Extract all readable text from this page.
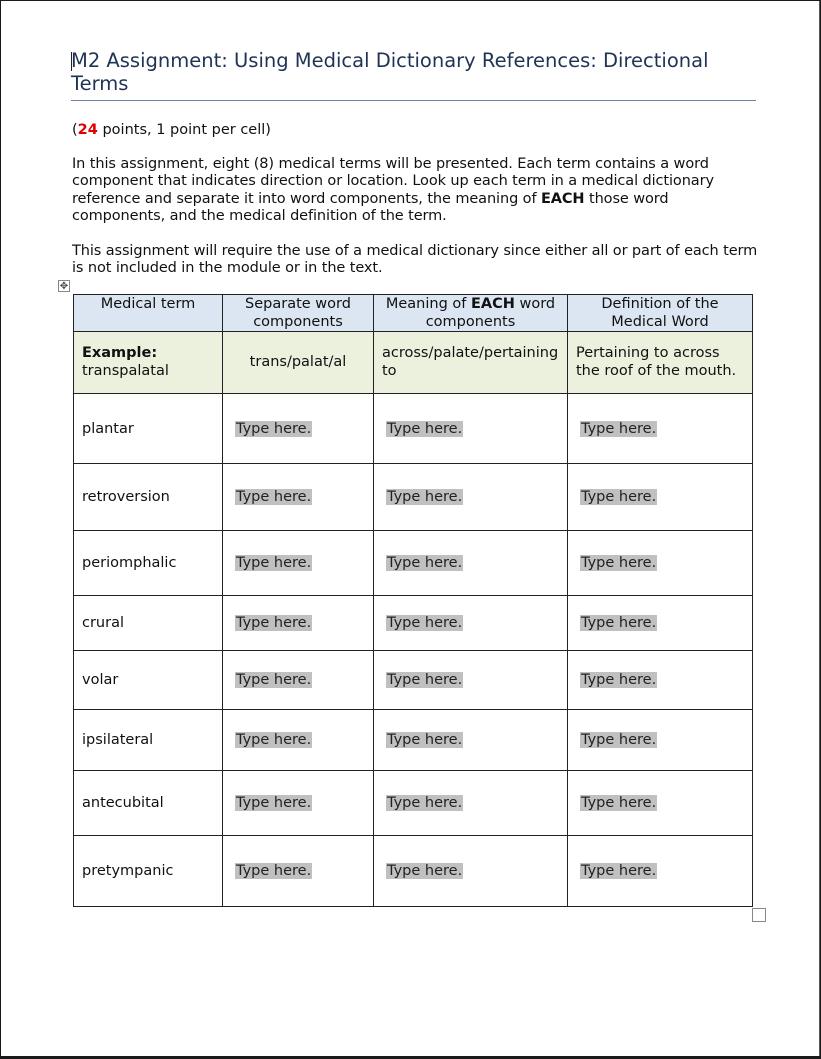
M2 Assignment: Using Medical Dictionary References: Directional Terms
(24 points, 1 point per cell)
In this assignment, eight (8) medical terms will be presented. Each term contains a word component that indicates direction or location. Look up each term in a medical dictionary reference and separate it into word components, the meaning of EACH those word components, and the medical definition of the term.
This assignment will require the use of a medical dictionary since either all or part of each term is not included in the module or in the text.
✥
Medical term	Separate word components	Meaning of EACH word components	Definition of the Medical Word
Example:
transpalatal	trans/palat/al	across/palate/pertaining to	Pertaining to across the roof of the mouth.
plantar	Type here.	Type here.	Type here.
retroversion	Type here.	Type here.	Type here.
periomphalic	Type here.	Type here.	Type here.
crural	Type here.	Type here.	Type here.
volar	Type here.	Type here.	Type here.
ipsilateral	Type here.	Type here.	Type here.
antecubital	Type here.	Type here.	Type here.
pretympanic	Type here.	Type here.	Type here.
